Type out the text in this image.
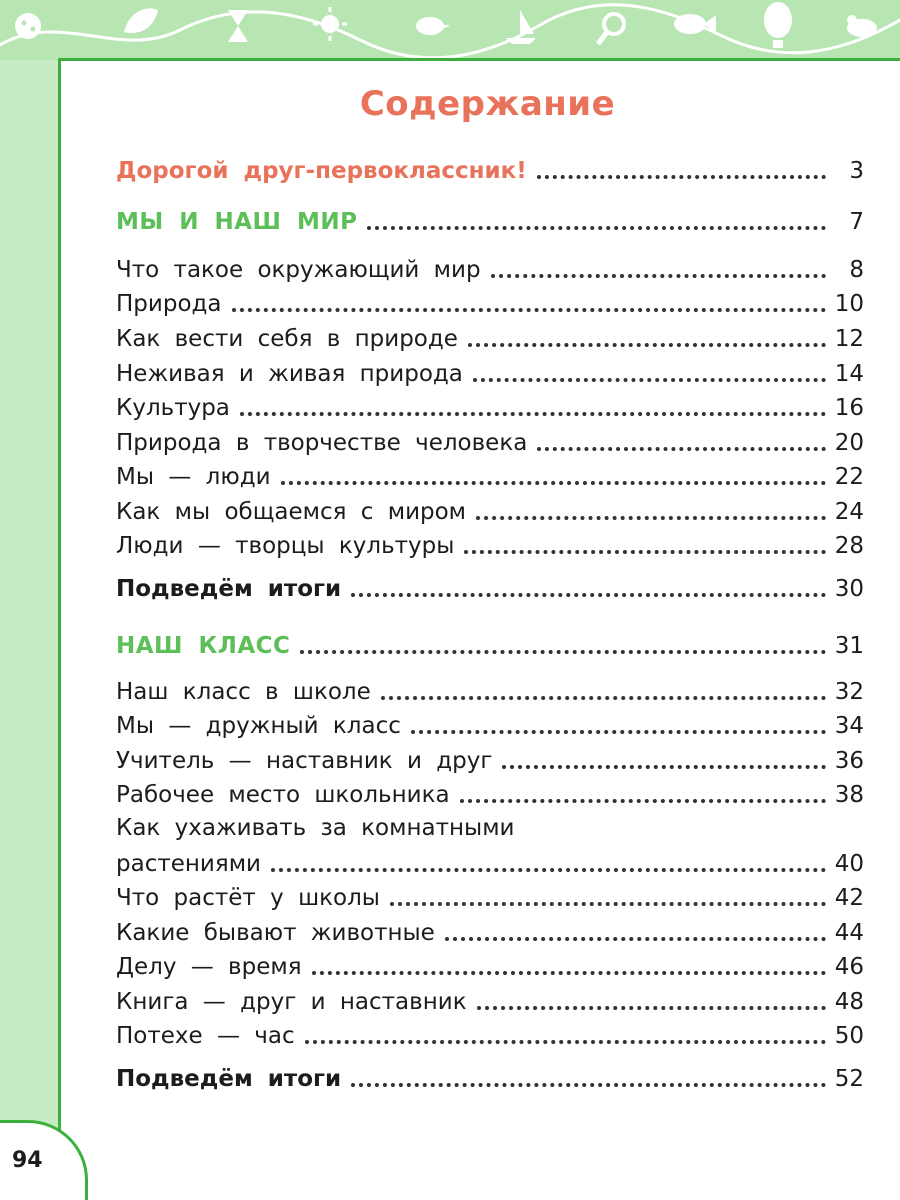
94
Содержание
Дорогой друг-первоклассник!	3
МЫ И НАШ МИР	7
Что такое окружающий мир	8
Природа	10
Как вести себя в природе	12
Неживая и живая природа	14
Культура	16
Природа в творчестве человека	20
Мы — люди	22
Как мы общаемся с миром	24
Люди — творцы культуры	28
Подведём итоги	30
НАШ КЛАСС	31
Наш класс в школе	32
Мы — дружный класс	34
Учитель — наставник и друг	36
Рабочее место школьника	38
Как ухаживать за комнатными
растениями	40
Что растёт у школы	42
Какие бывают животные	44
Делу — время	46
Книга — друг и наставник	48
Потехе — час	50
Подведём итоги	52
